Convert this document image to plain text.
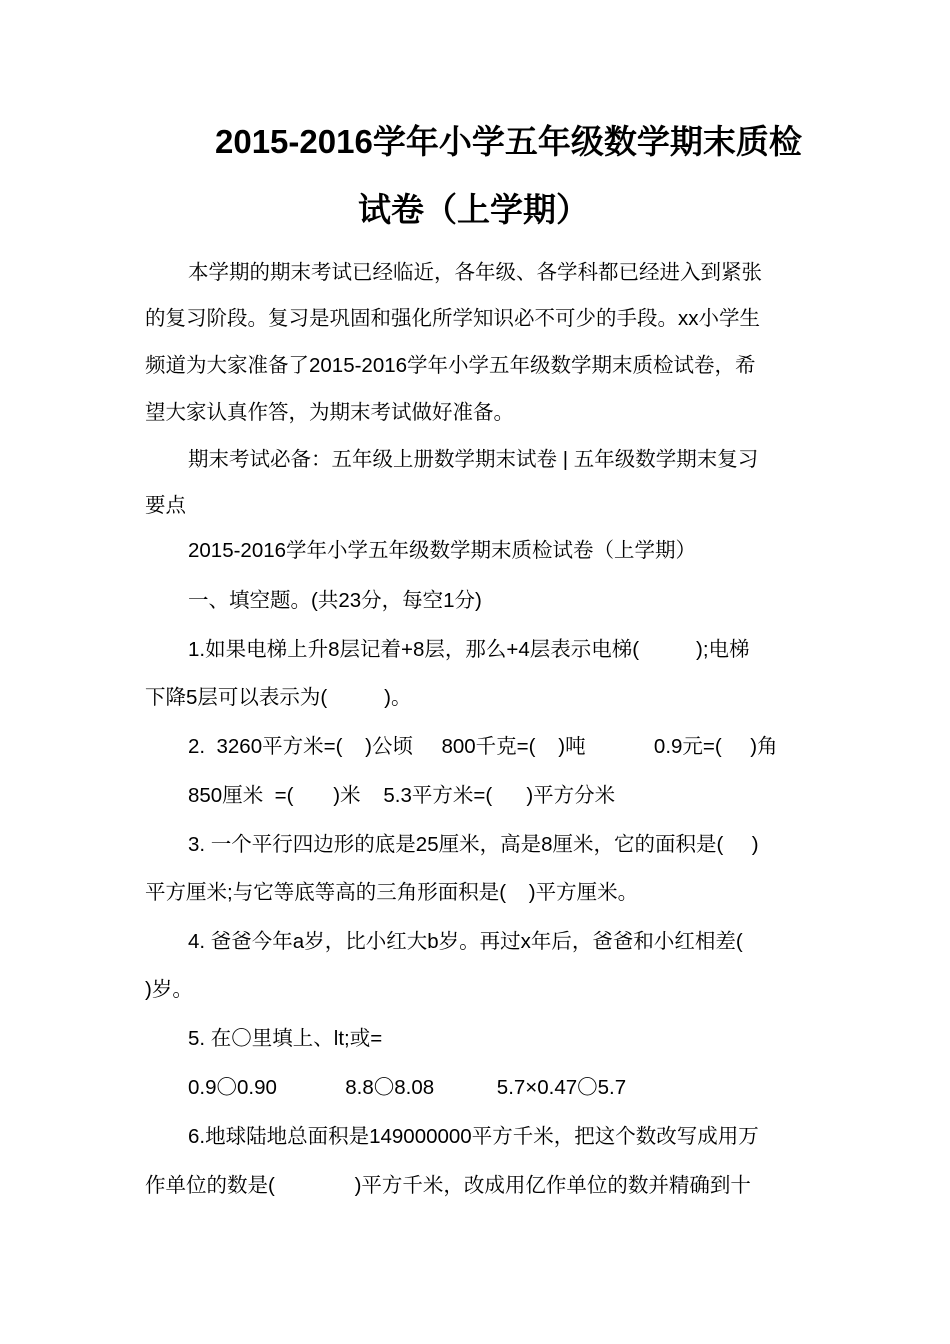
2015-2016学年小学五年级数学期末质检
试卷（上学期）
本学期的期末考试已经临近，各年级、各学科都已经进入到紧张
的复习阶段。复习是巩固和强化所学知识必不可少的手段。xx小学生
频道为大家准备了2015-2016学年小学五年级数学期末质检试卷，希
望大家认真作答，为期末考试做好准备。
期末考试必备：五年级上册数学期末试卷 | 五年级数学期末复习
要点
2015-2016学年小学五年级数学期末质检试卷（上学期）
一、填空题。(共23分，每空1分)
1.如果电梯上升8层记着+8层，那么+4层表示电梯(          );电梯
下降5层可以表示为(          )。
2.  3260平方米=(    )公顷     800千克=(    )吨            0.9元=(     )角
850厘米  =(       )米    5.3平方米=(      )平方分米
3. 一个平行四边形的底是25厘米，高是8厘米，它的面积是(     )
平方厘米;与它等底等高的三角形面积是(    )平方厘米。
4. 爸爸今年a岁，比小红大b岁。再过x年后，爸爸和小红相差(
)岁。
5. 在〇里填上、lt;或=
0.9〇0.90            8.8〇8.08           5.7×0.47〇5.7
6.地球陆地总面积是149000000平方千米，把这个数改写成用万
作单位的数是(              )平方千米，改成用亿作单位的数并精确到十
